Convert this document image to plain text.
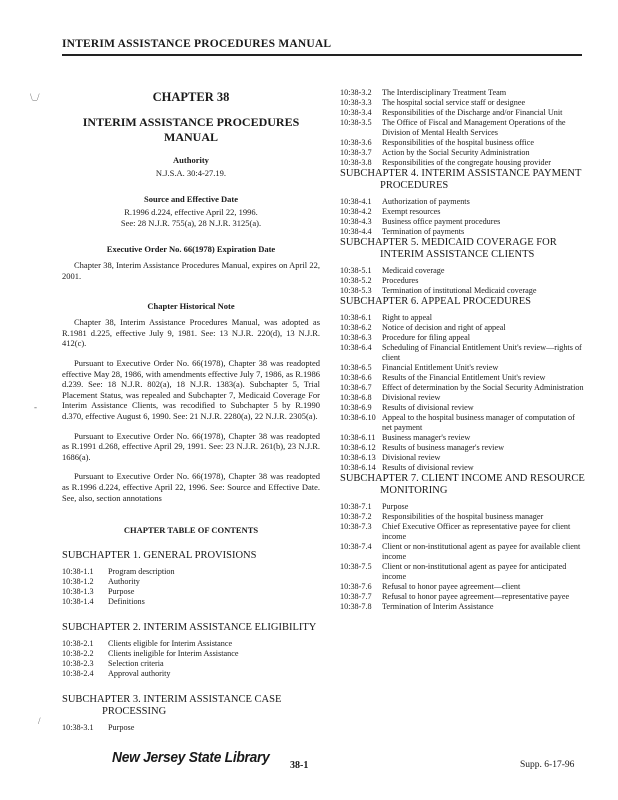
INTERIM ASSISTANCE PROCEDURES MANUAL
\_/
-
/
CHAPTER 38
INTERIM ASSISTANCE PROCEDURES MANUAL
Authority
N.J.S.A. 30:4-27.19.
Source and Effective Date
R.1996 d.224, effective April 22, 1996.
See: 28 N.J.R. 755(a), 28 N.J.R. 3125(a).
Executive Order No. 66(1978) Expiration Date
Chapter 38, Interim Assistance Procedures Manual, expires on April 22, 2001.
Chapter Historical Note
Chapter 38, Interim Assistance Procedures Manual, was adopted as R.1981 d.225, effective July 9, 1981. See: 13 N.J.R. 220(d), 13 N.J.R. 412(c).
Pursuant to Executive Order No. 66(1978), Chapter 38 was readopted effective May 28, 1986, with amendments effective July 7, 1986, as R.1986 d.239. See: 18 N.J.R. 802(a), 18 N.J.R. 1383(a). Subchapter 5, Trial Placement Status, was repealed and Subchapter 7, Medicaid Coverage For Interim Assistance Clients, was recodified to Subchapter 5 by R.1990 d.370, effective August 6, 1990. See: 21 N.J.R. 2280(a), 22 N.J.R. 2305(a).
Pursuant to Executive Order No. 66(1978), Chapter 38 was readopted as R.1991 d.268, effective April 29, 1991. See: 23 N.J.R. 261(b), 23 N.J.R. 1686(a).
Pursuant to Executive Order No. 66(1978), Chapter 38 was readopted as R.1996 d.224, effective April 22, 1996. See: Source and Effective Date. See, also, section annotations
CHAPTER TABLE OF CONTENTS
SUBCHAPTER 1. GENERAL PROVISIONS
10:38-1.1	Program description
10:38-1.2	Authority
10:38-1.3	Purpose
10:38-1.4	Definitions
SUBCHAPTER 2. INTERIM ASSISTANCE ELIGIBILITY
10:38-2.1	Clients eligible for Interim Assistance
10:38-2.2	Clients ineligible for Interim Assistance
10:38-2.3	Selection criteria
10:38-2.4	Approval authority
SUBCHAPTER 3. INTERIM ASSISTANCE CASE
PROCESSING
10:38-3.1	Purpose
10:38-3.2	The Interdisciplinary Treatment Team
10:38-3.3	The hospital social service staff or designee
10:38-3.4	Responsibilities of the Discharge and/or Financial Unit
10:38-3.5	The Office of Fiscal and Management Operations of the Division of Mental Health Services
10:38-3.6	Responsibilities of the hospital business office
10:38-3.7	Action by the Social Security Administration
10:38-3.8	Responsibilities of the congregate housing provider
SUBCHAPTER 4. INTERIM ASSISTANCE PAYMENT
PROCEDURES
10:38-4.1	Authorization of payments
10:38-4.2	Exempt resources
10:38-4.3	Business office payment procedures
10:38-4.4	Termination of payments
SUBCHAPTER 5. MEDICAID COVERAGE FOR
INTERIM ASSISTANCE CLIENTS
10:38-5.1	Medicaid coverage
10:38-5.2	Procedures
10:38-5.3	Termination of institutional Medicaid coverage
SUBCHAPTER 6. APPEAL PROCEDURES
10:38-6.1	Right to appeal
10:38-6.2	Notice of decision and right of appeal
10:38-6.3	Procedure for filing appeal
10:38-6.4	Scheduling of Financial Entitlement Unit's review—rights of client
10:38-6.5	Financial Entitlement Unit's review
10:38-6.6	Results of the Financial Entitlement Unit's review
10:38-6.7	Effect of determination by the Social Security Administration
10:38-6.8	Divisional review
10:38-6.9	Results of divisional review
10:38-6.10 Appeal to the hospital business manager of computation of net payment
10:38-6.11 Business manager's review
10:38-6.12 Results of business manager's review
10:38-6.13 Divisional review
10:38-6.14 Results of divisional review
SUBCHAPTER 7. CLIENT INCOME AND RESOURCE
MONITORING
10:38-7.1	Purpose
10:38-7.2	Responsibilities of the hospital business manager
10:38-7.3	Chief Executive Officer as representative payee for client income
10:38-7.4	Client or non-institutional agent as payee for available client income
10:38-7.5	Client or non-institutional agent as payee for anticipated income
10:38-7.6	Refusal to honor payee agreement—client
10:38-7.7	Refusal to honor payee agreement—representative payee
10:38-7.8	Termination of Interim Assistance
New Jersey State Library 38-1	Supp. 6-17-96
